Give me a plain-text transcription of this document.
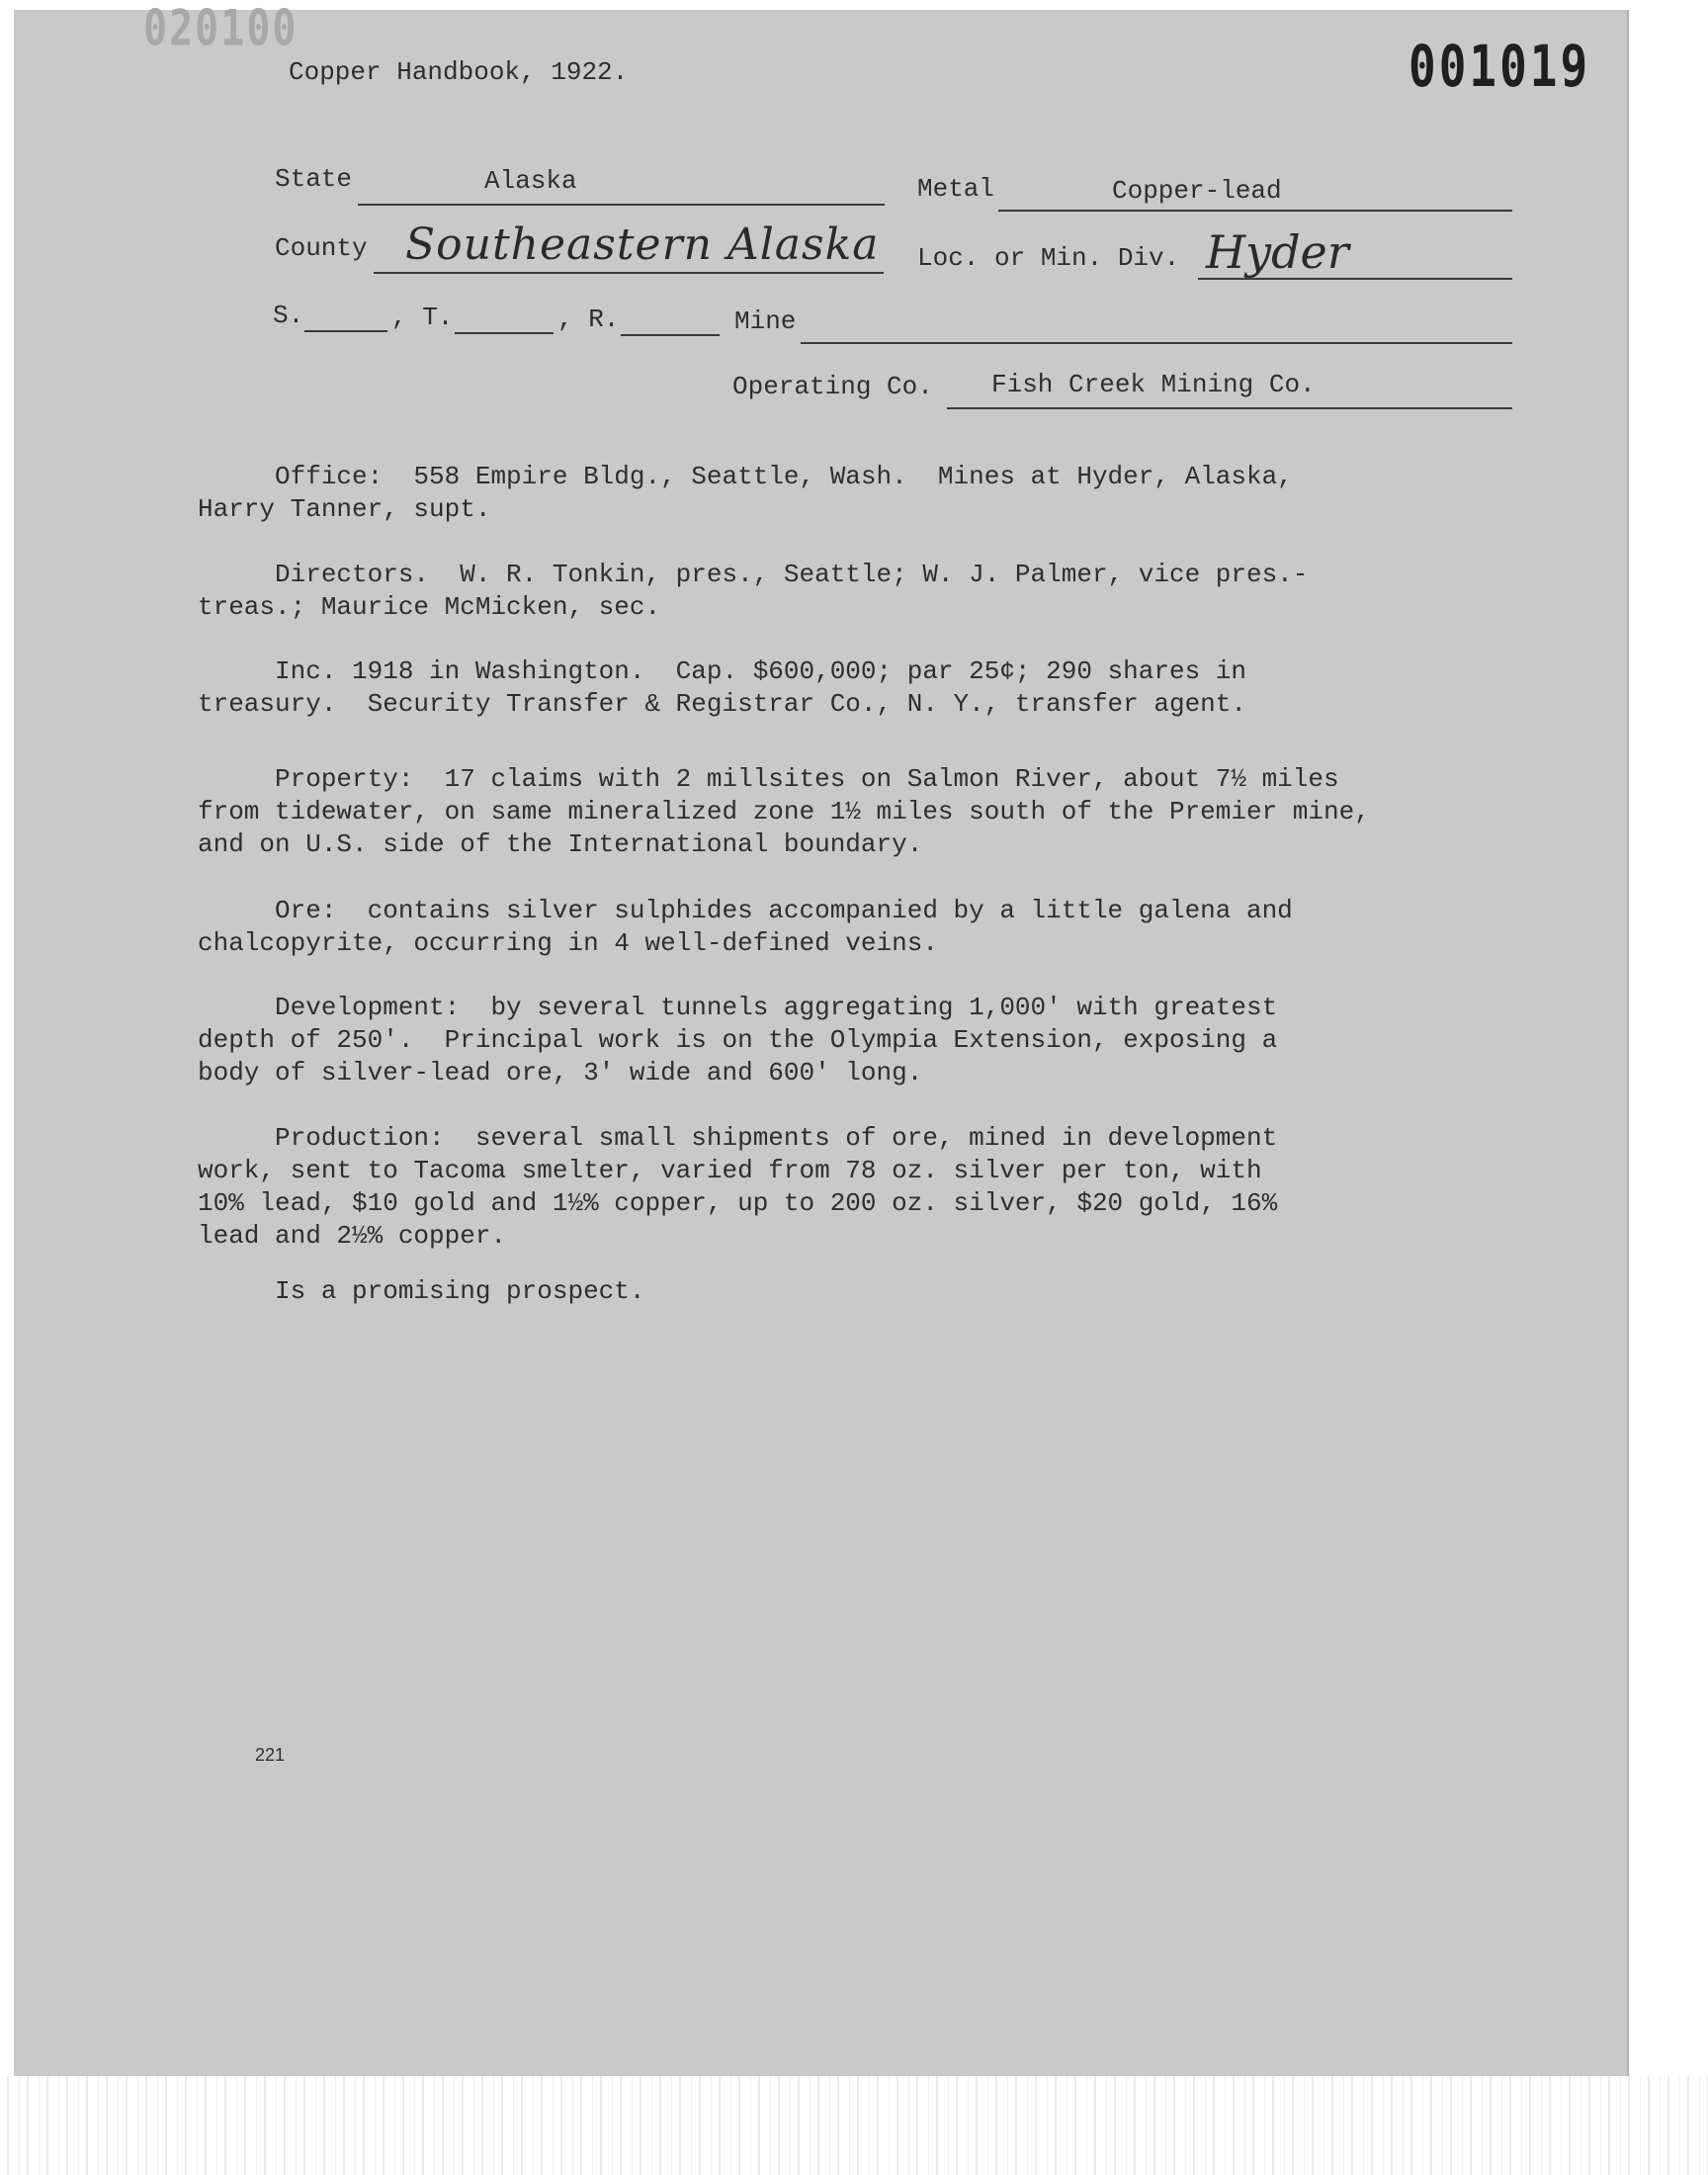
020100
001019
Copper Handbook, 1922.
State	Alaska	Metal	Copper-lead
County Southeastern Alaska Loc. or Min. Div. Hyder
S.	, T.	, R.	Mine
Operating Co. Fish Creek Mining Co.
Office:  558 Empire Bldg., Seattle, Wash.  Mines at Hyder, Alaska,
Harry Tanner, supt.
Directors.  W. R. Tonkin, pres., Seattle; W. J. Palmer, vice pres.-
treas.; Maurice McMicken, sec.
Inc. 1918 in Washington.  Cap. $600,000; par 25¢; 290 shares in
treasury.  Security Transfer & Registrar Co., N. Y., transfer agent.
Property:  17 claims with 2 millsites on Salmon River, about 7½ miles
from tidewater, on same mineralized zone 1½ miles south of the Premier mine,
and on U.S. side of the International boundary.
Ore:  contains silver sulphides accompanied by a little galena and
chalcopyrite, occurring in 4 well-defined veins.
Development:  by several tunnels aggregating 1,000' with greatest
depth of 250'.  Principal work is on the Olympia Extension, exposing a
body of silver-lead ore, 3' wide and 600' long.
Production:  several small shipments of ore, mined in development
work, sent to Tacoma smelter, varied from 78 oz. silver per ton, with
10% lead, $10 gold and 1½% copper, up to 200 oz. silver, $20 gold, 16%
lead and 2½% copper.
Is a promising prospect.
221
